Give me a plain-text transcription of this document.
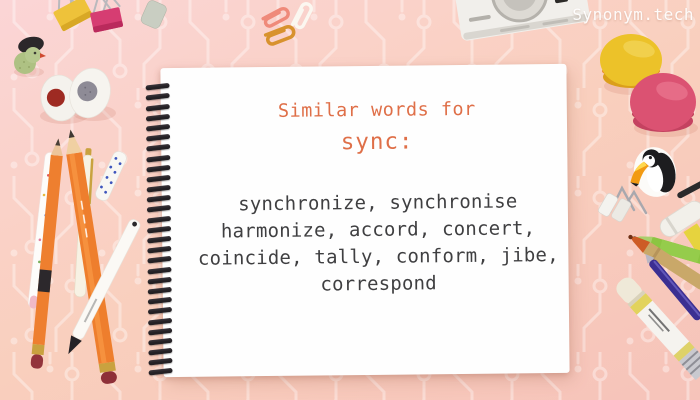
Similar words for
sync:
synchronize, synchronise
harmonize, accord, concert,
coincide, tally, conform, jibe,
correspond
Synonym.tech
